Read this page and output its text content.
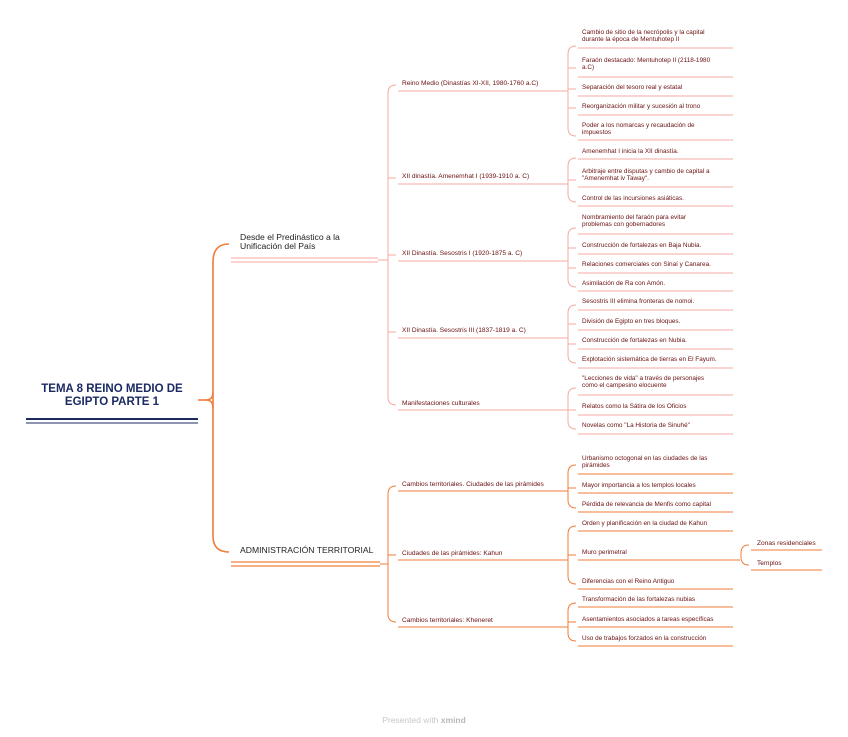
TEMA 8 REINO MEDIO DE
EGIPTO PARTE 1
Desde el Predinástico a la
Unificación del País
ADMINISTRACIÓN TERRITORIAL
Reino Medio (Dinastías XI-XII, 1980-1760 a.C)
XII dinastía. Amenemhat I (1939-1910 a. C)
XII Dinastía. Sesostris I (1920-1875 a. C)
XII Dinastía. Sesostris III (1837-1819 a. C)
Manifestaciones culturales
Cambios territoriales. Ciudades de las pirámides
Ciudades de las pirámides: Kahun
Cambios territoriales: Kheneret
Cambio de sitio de la necrópolis y la capital
durante la época de Mentuhotep II
Faraón destacado: Mentuhotep II (2118-1980
a.C)
Separación del tesoro real y estatal
Reorganización militar y sucesión al trono
Poder a los nomarcas y recaudación de
impuestos
Amenemhat I inicia la XII dinastía.
Arbitraje entre disputas y cambio de capital a
"Amenemhat iv Taway".
Control de las incursiones asiáticas.
Nombramiento del faraón para evitar
problemas con gobernadores
Construcción de fortalezas en Baja Nubia.
Relaciones comerciales con Sinaí y Canarea.
Asimilación de Ra con Amón.
Sesostris III elimina fronteras de nomoi.
División de Egipto en tres bloques.
Construcción de fortalezas en Nubia.
Explotación sistemática de tierras en El Fayum.
"Lecciones de vida" a través de personajes
como el campesino elocuente
Relatos como la Sátira de los Oficios
Novelas como "La Historia de Sinuhé"
Urbanismo octogonal en las ciudades de las
pirámides
Mayor importancia a los templos locales
Pérdida de relevancia de Menfis como capital
Orden y planificación en la ciudad de Kahun
Muro perimetral
Diferencias con el Reino Antiguo
Transformación de las fortalezas nubias
Asentamientos asociados a tareas específicas
Uso de trabajos forzados en la construcción
Zonas residenciales
Templos
Presented with xmind
